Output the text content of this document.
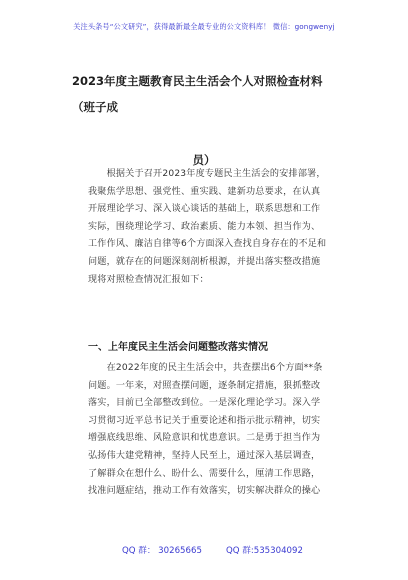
关注头条号“公文研究”，获得最新最全最专业的公文资料库！ 微信：gongwenyj
2023年度主题教育民主生活会个人对照检查材料（班子成
员）
　　根据关于召开2023年度专题民主生活会的安排部署，
我聚焦学思想、强党性、重实践、建新功总要求，在认真
开展理论学习、深入谈心谈话的基础上，联系思想和工作
实际，围绕理论学习、政治素质、能力本领、担当作为、
工作作风、廉洁自律等6个方面深入查找自身存在的不足和
问题，就存在的问题深刻剖析根源，并提出落实整改措施
现将对照检查情况汇报如下：
一、上年度民主生活会问题整改落实情况
　　在2022年度的民主生活会中，共查摆出6个方面**条
问题。一年来，对照查摆问题，逐条制定措施，狠抓整改
落实，目前已全部整改到位。一是深化理论学习。深入学
习贯彻习近平总书记关于重要论述和指示批示精神，切实
增强底线思维、风险意识和忧患意识。二是勇于担当作为
弘扬伟大建党精神，坚持人民至上，通过深入基层调查，
了解群众在想什么、盼什么、需要什么，厘清工作思路，
找准问题症结，推动工作有效落实，切实解决群众的操心
QQ 群： 30265665	QQ 群:535304092
